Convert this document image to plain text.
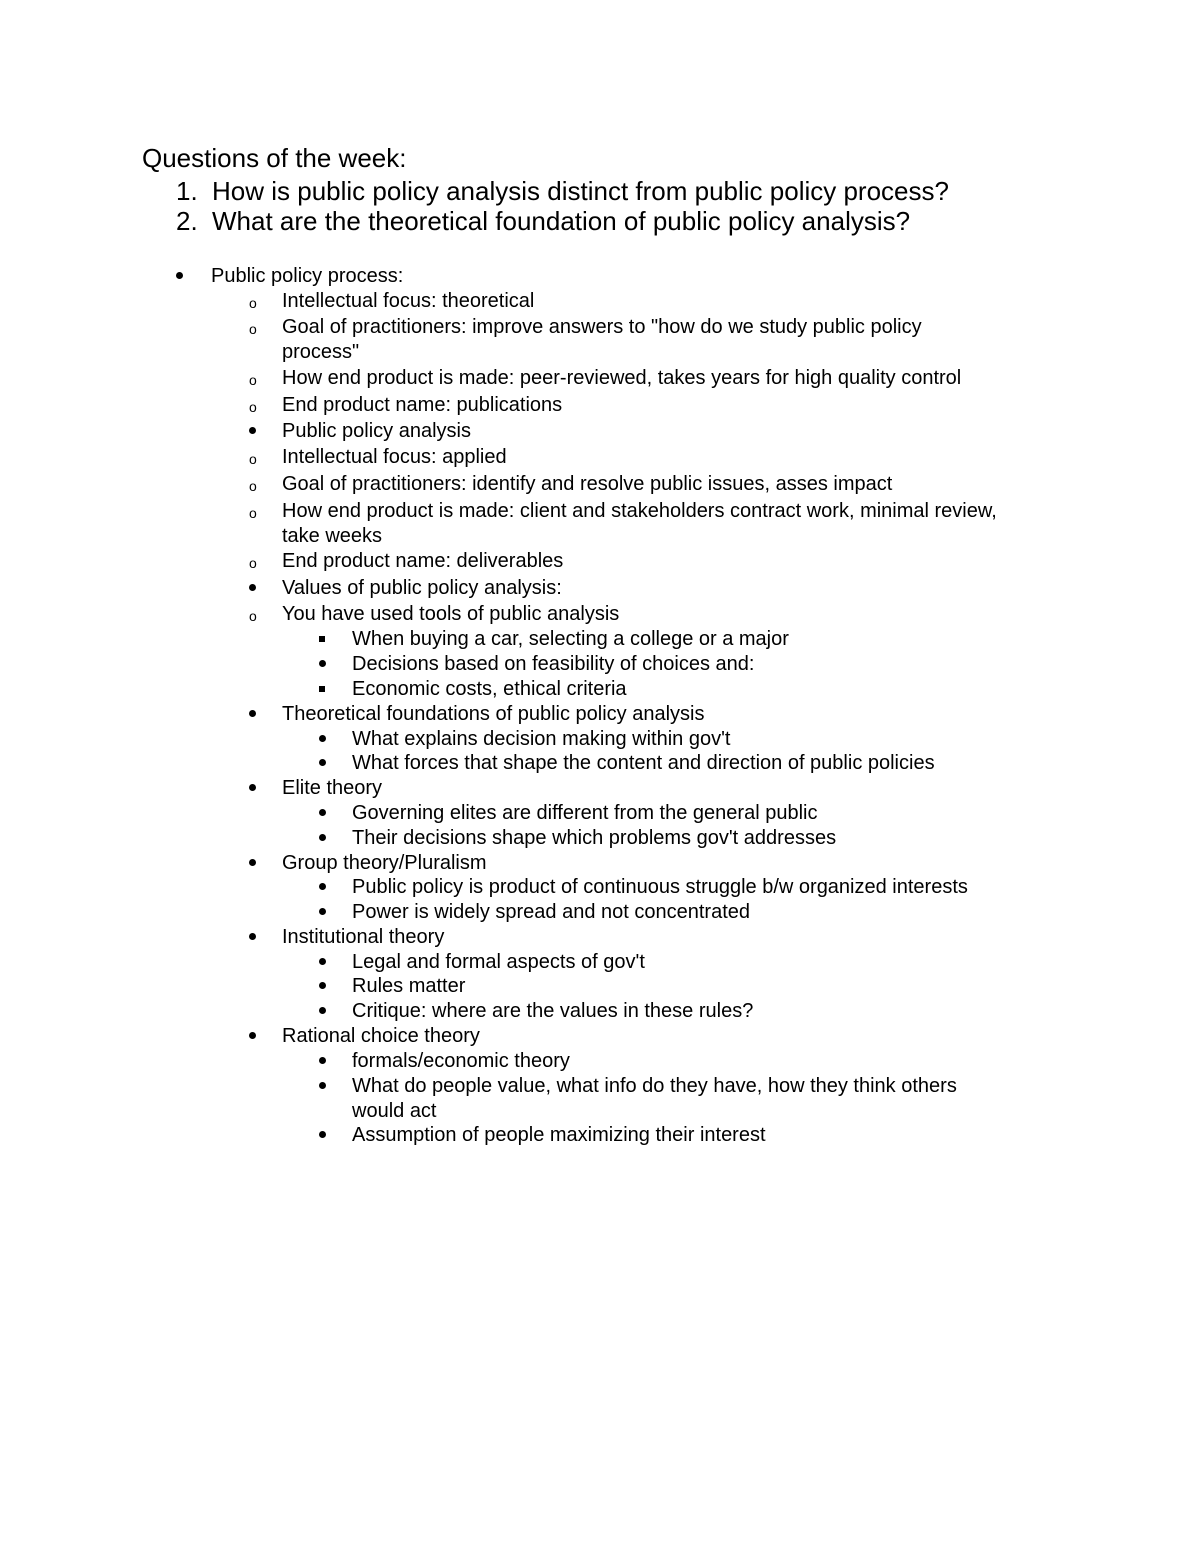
Questions of the week:
1. How is public policy analysis distinct from public policy process?
2. What are the theoretical foundation of public policy analysis?
Public policy process:
o Intellectual focus: theoretical
o Goal of practitioners: improve answers to "how do we study public policy
process"
o How end product is made: peer-reviewed, takes years for high quality control
o End product name: publications
Public policy analysis
o Intellectual focus: applied
o Goal of practitioners: identify and resolve public issues, asses impact
o How end product is made: client and stakeholders contract work, minimal review,
take weeks
o End product name: deliverables
Values of public policy analysis:
o You have used tools of public analysis
When buying a car, selecting a college or a major
Decisions based on feasibility of choices and:
Economic costs, ethical criteria
Theoretical foundations of public policy analysis
What explains decision making within gov't
What forces that shape the content and direction of public policies
Elite theory
Governing elites are different from the general public
Their decisions shape which problems gov't addresses
Group theory/Pluralism
Public policy is product of continuous struggle b/w organized interests
Power is widely spread and not concentrated
Institutional theory
Legal and formal aspects of gov't
Rules matter
Critique: where are the values in these rules?
Rational choice theory
formals/economic theory
What do people value, what info do they have, how they think others
would act
Assumption of people maximizing their interest
